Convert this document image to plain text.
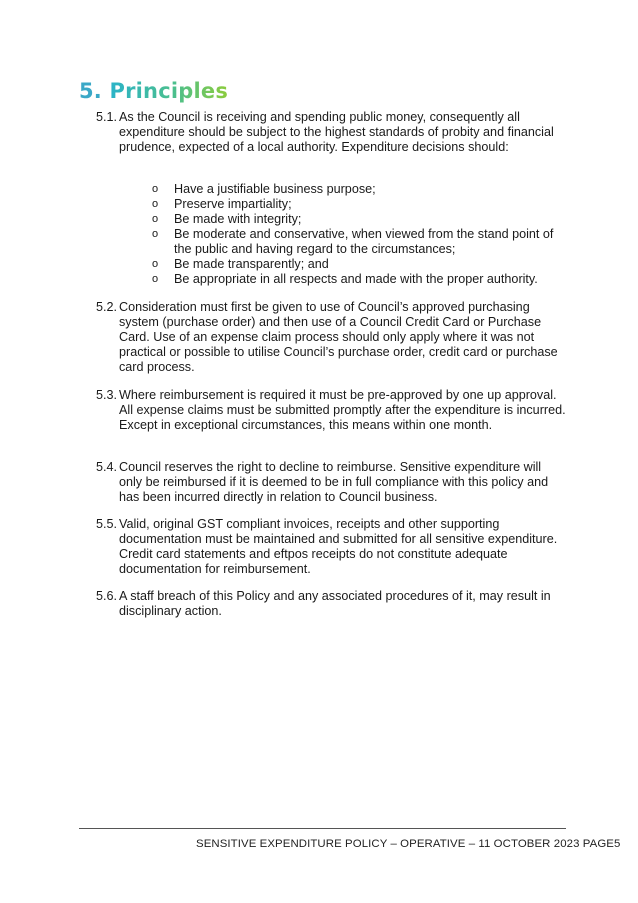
5. Principles
5.1. As the Council is receiving and spending public money, consequently all expenditure should be subject to the highest standards of probity and financial prudence, expected of a local authority. Expenditure decisions should:
o Have a justifiable business purpose;
o Preserve impartiality;
o Be made with integrity;
o Be moderate and conservative, when viewed from the stand point of the public and having regard to the circumstances;
o Be made transparently; and
o Be appropriate in all respects and made with the proper authority.
5.2. Consideration must first be given to use of Council’s approved purchasing system (purchase order) and then use of a Council Credit Card or Purchase Card. Use of an expense claim process should only apply where it was not practical or possible to utilise Council’s purchase order, credit card or purchase card process.
5.3. Where reimbursement is required it must be pre-approved by one up approval. All expense claims must be submitted promptly after the expenditure is incurred. Except in exceptional circumstances, this means within one month.
5.4. Council reserves the right to decline to reimburse. Sensitive expenditure will only be reimbursed if it is deemed to be in full compliance with this policy and has been incurred directly in relation to Council business.
5.5. Valid, original GST compliant invoices, receipts and other supporting documentation must be maintained and submitted for all sensitive expenditure. Credit card statements and eftpos receipts do not constitute adequate documentation for reimbursement.
5.6. A staff breach of this Policy and any associated procedures of it, may result in disciplinary action.
SENSITIVE EXPENDITURE POLICY – OPERATIVE – 11 OCTOBER 2023 PAGE5
